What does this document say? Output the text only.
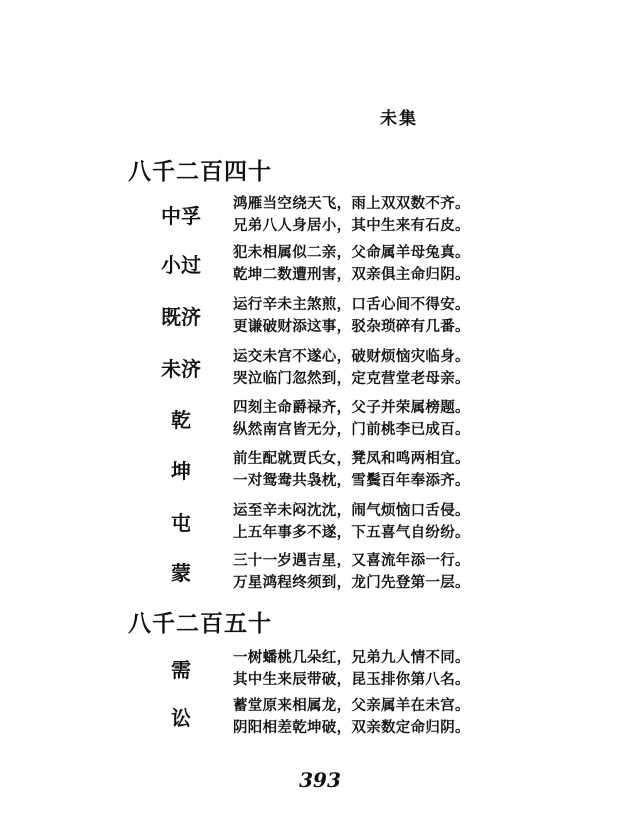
未集
八千二百四十
中孚
鸿雁当空绕天飞，雨上双双数不齐。
兄弟八人身居小，其中生来有石皮。
小过
犯未相属似二亲，父命属羊母兔真。
乾坤二数遭刑害，双亲俱主命归阴。
既济
运行辛未主煞煎，口舌心间不得安。
更谦破财添这事，驳杂琐碎有几番。
未济
运交未宫不遂心，破财烦恼灾临身。
哭泣临门忽然到，定克营堂老母亲。
乾
四刻主命爵禄齐，父子并荣属榜题。
纵然南宫皆无分，门前桃李已成百。
坤
前生配就贾氏女，凳凤和鸣两相宜。
一对鸳鸯共袅枕，雪鬓百年奉添齐。
屯
运至辛未闷沈沈，闹气烦恼口舌侵。
上五年事多不遂，下五喜气自纷纷。
蒙
三十一岁遇吉星，又喜流年添一行。
万星鸿程终须到，龙门先登第一层。
八千二百五十
需
一树蟠桃几朵红，兄弟九人情不同。
其中生来辰带破，昆玉排你第八名。
讼
蓄堂原来相属龙，父亲属羊在未宫。
阴阳相差乾坤破，双亲数定命归阴。
393
